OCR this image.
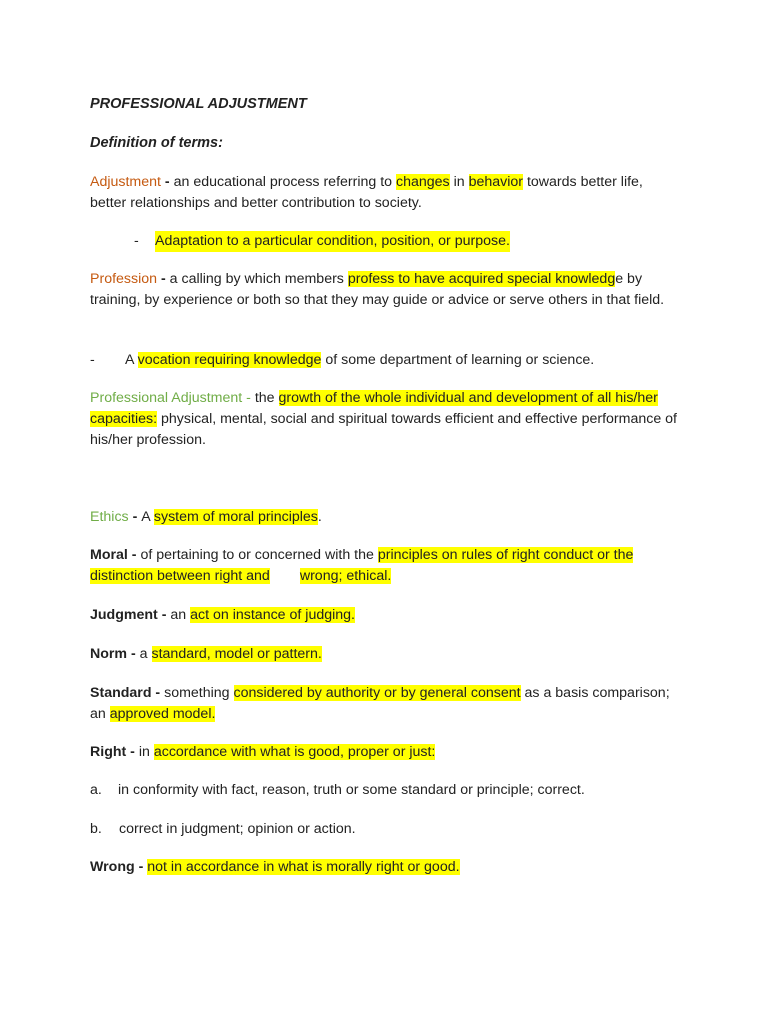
PROFESSIONAL ADJUSTMENT

Definition of terms:

Adjustment - an educational process referring to changes in behavior towards better life, better relationships and better contribution to society.

- Adaptation to a particular condition, position, or purpose.

Profession - a calling by which members profess to have acquired special knowledge by training, by experience or both so that they may guide or advice or serve others in that field.

- A vocation requiring knowledge of some department of learning or science.

Professional Adjustment - the growth of the whole individual and development of all his/her capacities: physical, mental, social and spiritual towards efficient and effective performance of his/her profession.

Ethics - A system of moral principles.

Moral - of pertaining to or concerned with the principles on rules of right conduct or the distinction between right and wrong; ethical.

Judgment - an act on instance of judging.

Norm - a standard, model or pattern.

Standard - something considered by authority or by general consent as a basis comparison; an approved model.

Right - in accordance with what is good, proper or just:

a. in conformity with fact, reason, truth or some standard or principle; correct.
b. correct in judgment; opinion or action.

Wrong - not in accordance in what is morally right or good.
